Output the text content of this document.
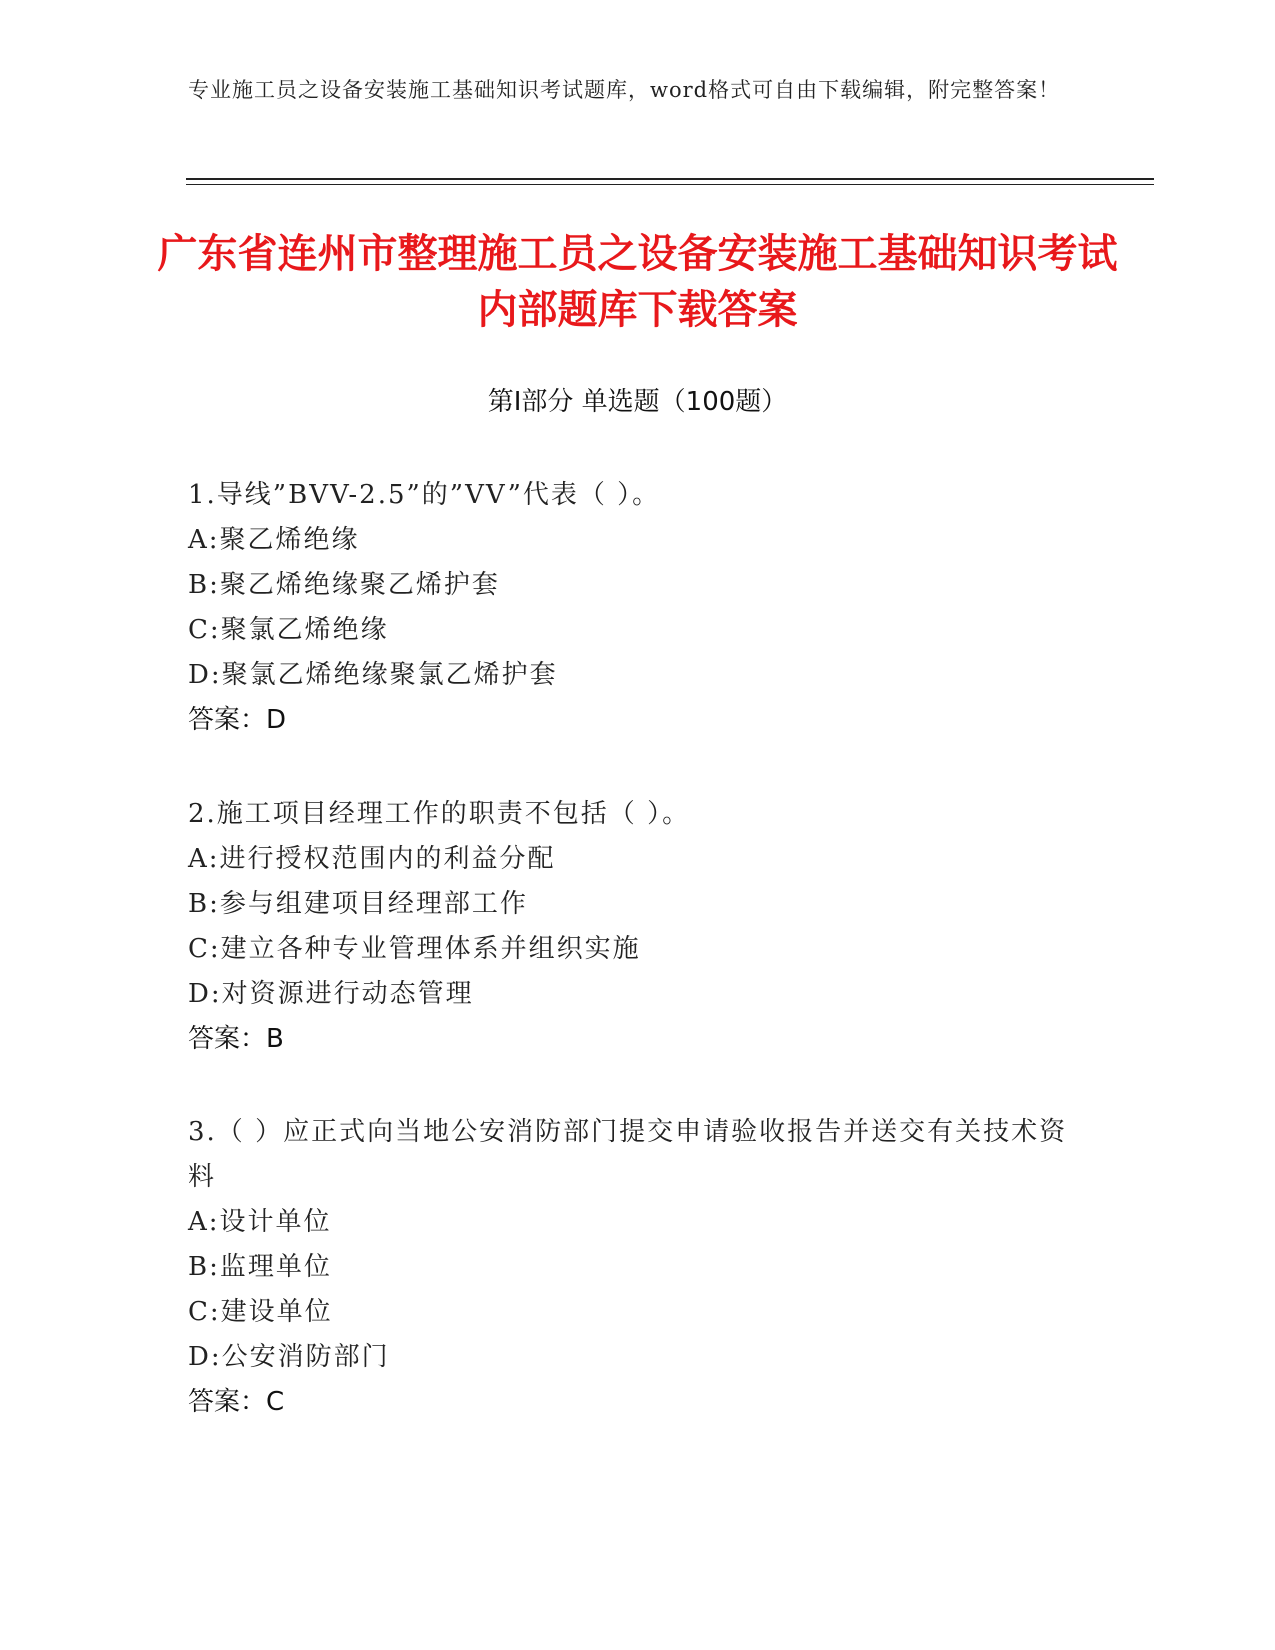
专业施工员之设备安装施工基础知识考试题库，word格式可自由下载编辑，附完整答案！
广东省连州市整理施工员之设备安装施工基础知识考试内部题库下载答案
第Ⅰ部分 单选题（100题）

1.导线”BVV-2.5”的”VV”代表（ ）。

A:聚乙烯绝缘

B:聚乙烯绝缘聚乙烯护套

C:聚氯乙烯绝缘

D:聚氯乙烯绝缘聚氯乙烯护套

答案：D

2.施工项目经理工作的职责不包括（ ）。

A:进行授权范围内的利益分配

B:参与组建项目经理部工作

C:建立各种专业管理体系并组织实施

D:对资源进行动态管理

答案：B

3.（ ）应正式向当地公安消防部门提交申请验收报告并送交有关技术资料

A:设计单位

B:监理单位

C:建设单位

D:公安消防部门

答案：C
